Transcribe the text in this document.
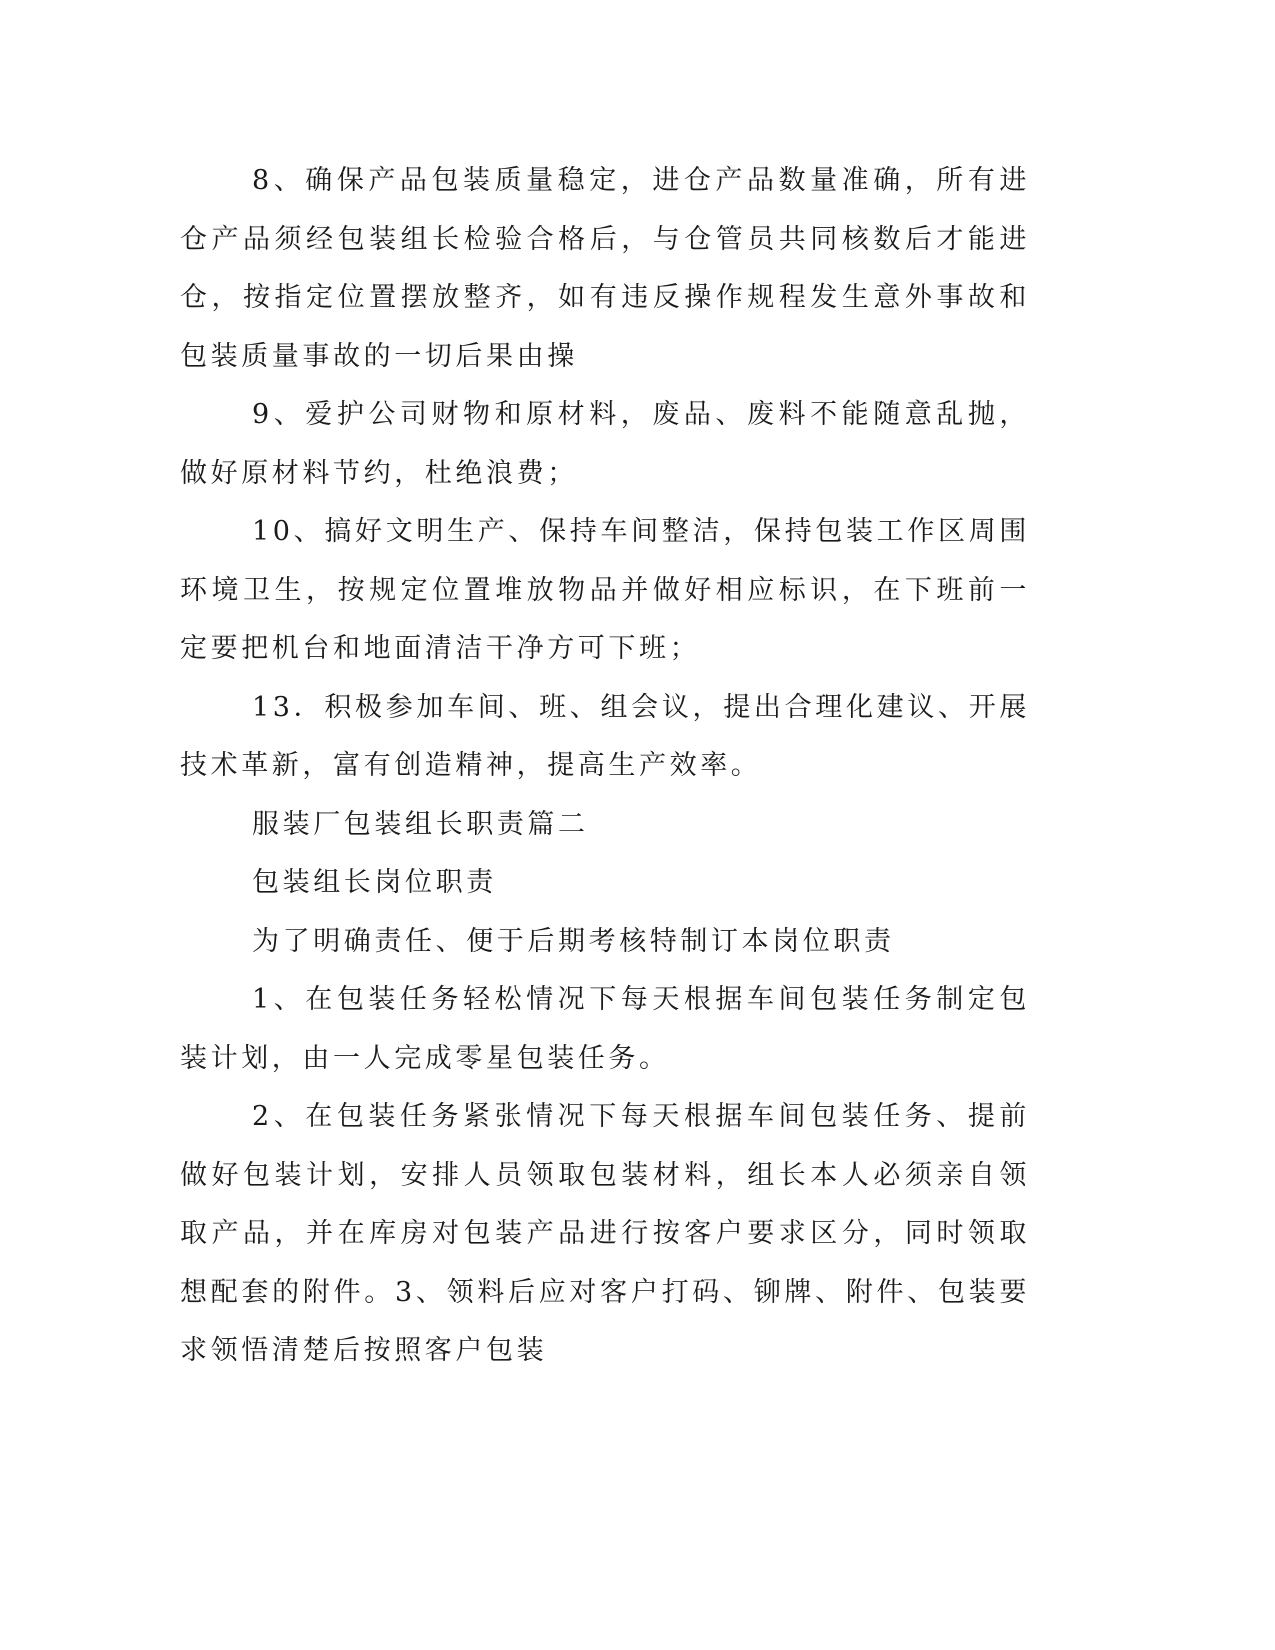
8、确保产品包装质量稳定，进仓产品数量准确，所有进仓产品须经包装组长检验合格后，与仓管员共同核数后才能进仓，按指定位置摆放整齐，如有违反操作规程发生意外事故和包装质量事故的一切后果由操

9、爱护公司财物和原材料，废品、废料不能随意乱抛，做好原材料节约，杜绝浪费；

10、搞好文明生产、保持车间整洁，保持包装工作区周围环境卫生，按规定位置堆放物品并做好相应标识，在下班前一定要把机台和地面清洁干净方可下班；

13．积极参加车间、班、组会议，提出合理化建议、开展技术革新，富有创造精神，提高生产效率。

服装厂包装组长职责篇二

包装组长岗位职责

为了明确责任、便于后期考核特制订本岗位职责

1、在包装任务轻松情况下每天根据车间包装任务制定包装计划，由一人完成零星包装任务。

2、在包装任务紧张情况下每天根据车间包装任务、提前做好包装计划，安排人员领取包装材料，组长本人必须亲自领取产品，并在库房对包装产品进行按客户要求区分，同时领取想配套的附件。3、领料后应对客户打码、铆牌、附件、包装要求领悟清楚后按照客户包装
